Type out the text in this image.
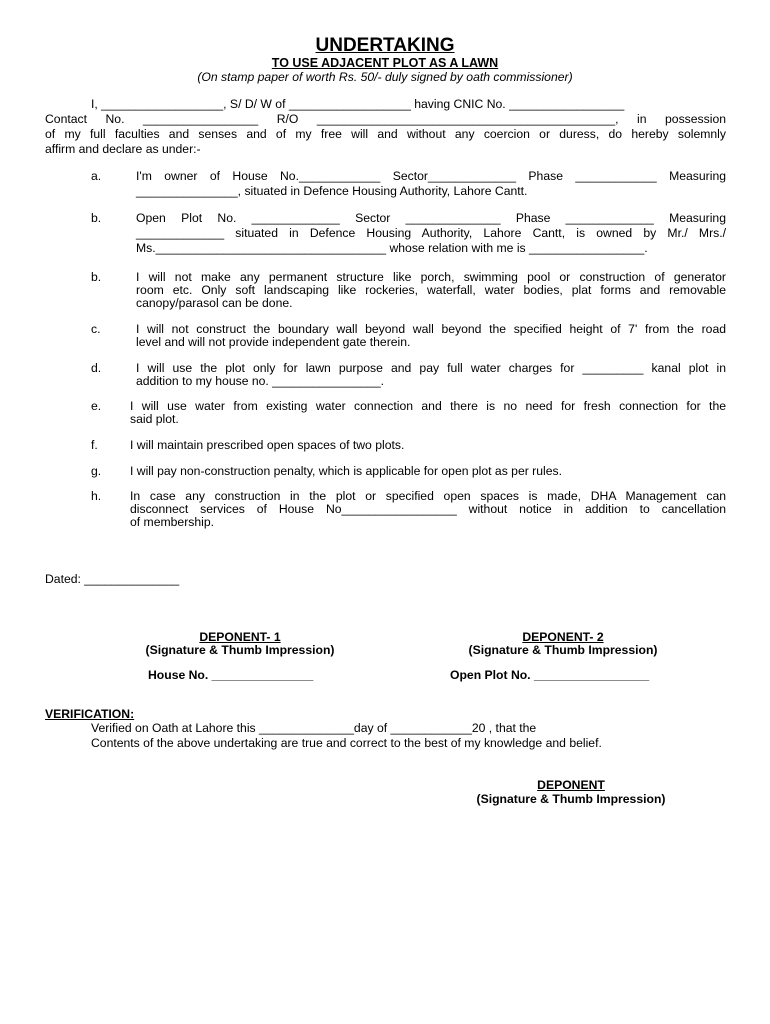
UNDERTAKING
TO USE ADJACENT PLOT AS A LAWN
(On stamp paper of worth Rs. 50/- duly signed by oath commissioner)
I, __________________, S/ D/ W of __________________ having CNIC No. _________________
Contact No. _________________ R/O ____________________________________________, in possession
of my full faculties and senses and of my free will and without any coercion or duress, do hereby solemnly
affirm and declare as under:-
a.	I'm owner of House No.____________ Sector_____________ Phase ____________ Measuring
_______________, situated in Defence Housing Authority, Lahore Cantt.
b.	Open Plot No. _____________ Sector ______________ Phase _____________ Measuring
_____________ situated in Defence Housing Authority, Lahore Cantt, is owned by Mr./ Mrs./
Ms.__________________________________ whose relation with me is _________________.
b.	I will not make any permanent structure like porch, swimming pool or construction of generator
room etc. Only soft landscaping like rockeries, waterfall, water bodies, plat forms and removable
canopy/parasol can be done.
c.	I will not construct the boundary wall beyond wall beyond the specified height of 7' from the road
level and will not provide independent gate therein.
d.	I will use the plot only for lawn purpose and pay full water charges for _________ kanal plot in
addition to my house no. ________________.
e. I will use water from existing water connection and there is no need for fresh connection for the
said plot.
f.	I will maintain prescribed open spaces of two plots.
g. I will pay non-construction penalty, which is applicable for open plot as per rules.
h. In case any construction in the plot or specified open spaces is made, DHA Management can
disconnect services of House No_________________ without notice in addition to cancellation
of membership.
Dated: ______________
DEPONENT- 1
(Signature & Thumb Impression)
House No. _______________
DEPONENT- 2
(Signature & Thumb Impression)
Open Plot No. _________________
VERIFICATION:
Verified on Oath at Lahore this ______________day of ____________20 , that the
Contents of the above undertaking are true and correct to the best of my knowledge and belief.
DEPONENT
(Signature & Thumb Impression)
